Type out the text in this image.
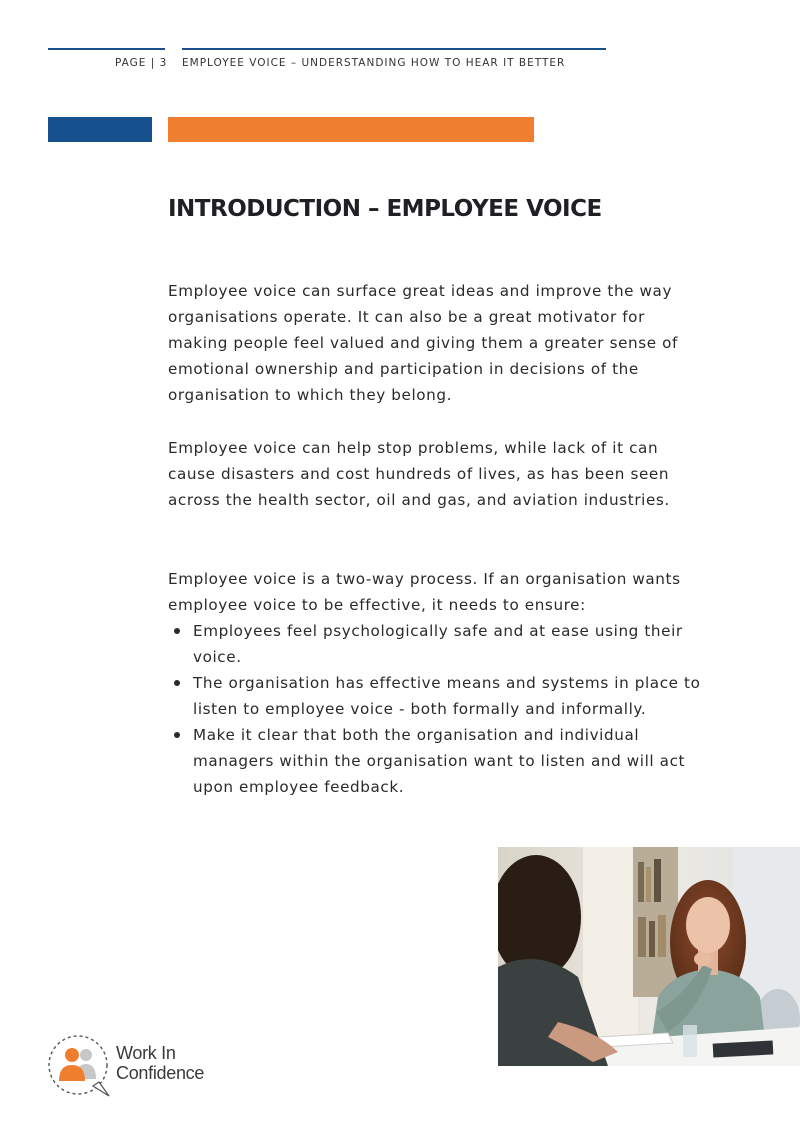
PAGE | 3 EMPLOYEE VOICE – UNDERSTANDING HOW TO HEAR IT BETTER
INTRODUCTION – EMPLOYEE VOICE

Employee voice can surface great ideas and improve the way organisations operate. It can also be a great motivator for making people feel valued and giving them a greater sense of emotional ownership and participation in decisions of the organisation to which they belong.

Employee voice can help stop problems, while lack of it can cause disasters and cost hundreds of lives, as has been seen across the health sector, oil and gas, and aviation industries.

Employee voice is a two-way process. If an organisation wants employee voice to be effective, it needs to ensure:

Employees feel psychologically safe and at ease using their voice.
The organisation has effective means and systems in place to listen to employee voice - both formally and informally.
Make it clear that both the organisation and individual managers within the organisation want to listen and will act upon employee feedback.
Work In
Confidence
